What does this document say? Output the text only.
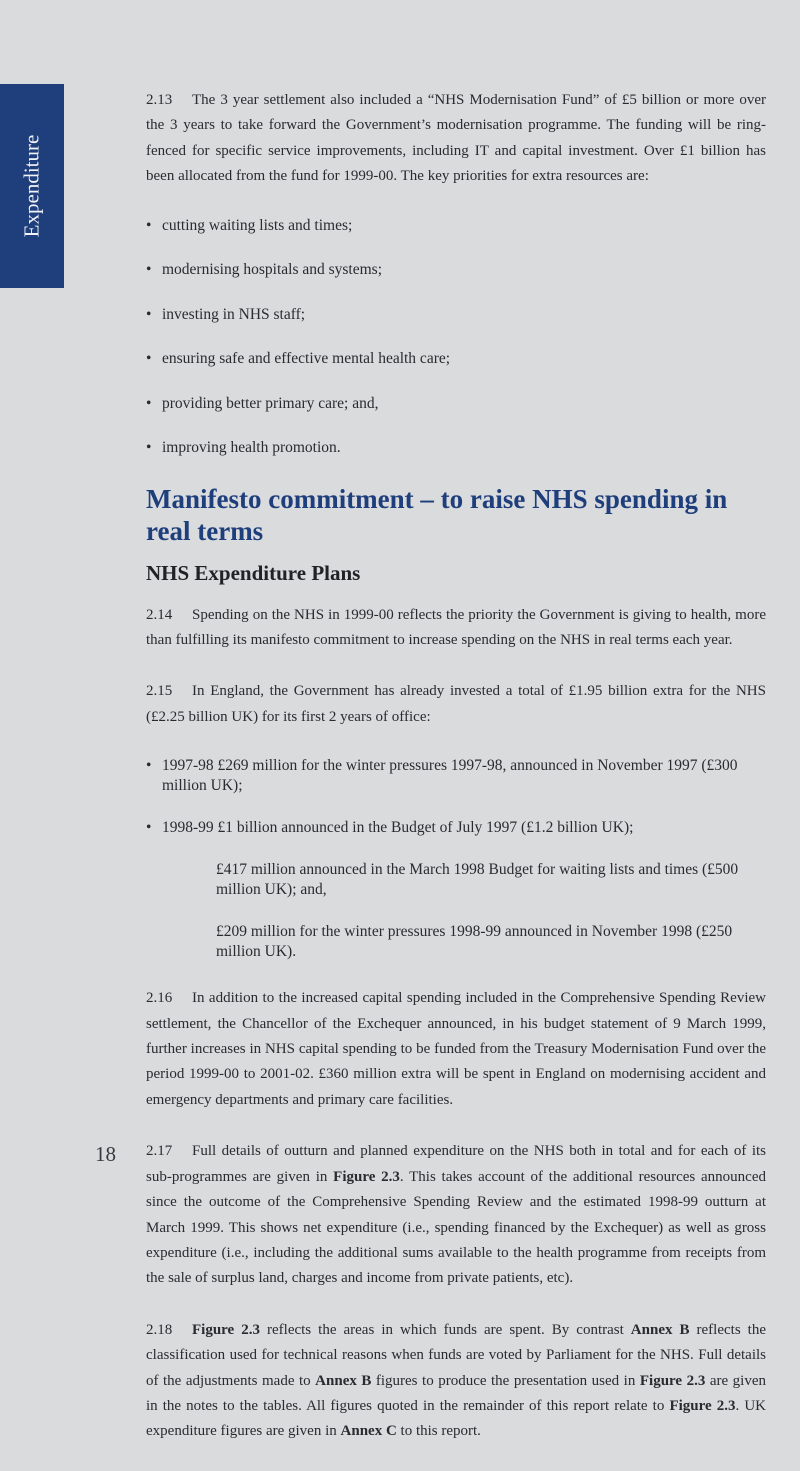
Expenditure
18

2.13 The 3 year settlement also included a “NHS Modernisation Fund” of £5 billion or more over the 3 years to take forward the Government’s modernisation programme. The funding will be ring-fenced for specific service improvements, including IT and capital investment. Over £1 billion has been allocated from the fund for 1999-00. The key priorities for extra resources are:

• cutting waiting lists and times;
• modernising hospitals and systems;
• investing in NHS staff;
• ensuring safe and effective mental health care;
• providing better primary care; and,
• improving health promotion.
Manifesto commitment – to raise NHS spending in real terms
NHS Expenditure Plans

2.14 Spending on the NHS in 1999-00 reflects the priority the Government is giving to health, more than fulfilling its manifesto commitment to increase spending on the NHS in real terms each year.

2.15 In England, the Government has already invested a total of £1.95 billion extra for the NHS (£2.25 billion UK) for its first 2 years of office:

• 1997-98 £269 million for the winter pressures 1997-98, announced in November 1997 (£300 million UK);
• 1998-99 £1 billion announced in the Budget of July 1997 (£1.2 billion UK);
£417 million announced in the March 1998 Budget for waiting lists and times (£500 million UK); and,
£209 million for the winter pressures 1998-99 announced in November 1998 (£250 million UK).

2.16 In addition to the increased capital spending included in the Comprehensive Spending Review settlement, the Chancellor of the Exchequer announced, in his budget statement of 9 March 1999, further increases in NHS capital spending to be funded from the Treasury Modernisation Fund over the period 1999-00 to 2001-02. £360 million extra will be spent in England on modernising accident and emergency departments and primary care facilities.

2.17 Full details of outturn and planned expenditure on the NHS both in total and for each of its sub-programmes are given in Figure 2.3. This takes account of the additional resources announced since the outcome of the Comprehensive Spending Review and the estimated 1998-99 outturn at March 1999. This shows net expenditure (i.e., spending financed by the Exchequer) as well as gross expenditure (i.e., including the additional sums available to the health programme from receipts from the sale of surplus land, charges and income from private patients, etc).

2.18 Figure 2.3 reflects the areas in which funds are spent. By contrast Annex B reflects the classification used for technical reasons when funds are voted by Parliament for the NHS. Full details of the adjustments made to Annex B figures to produce the presentation used in Figure 2.3 are given in the notes to the tables. All figures quoted in the remainder of this report relate to Figure 2.3. UK expenditure figures are given in Annex C to this report.
